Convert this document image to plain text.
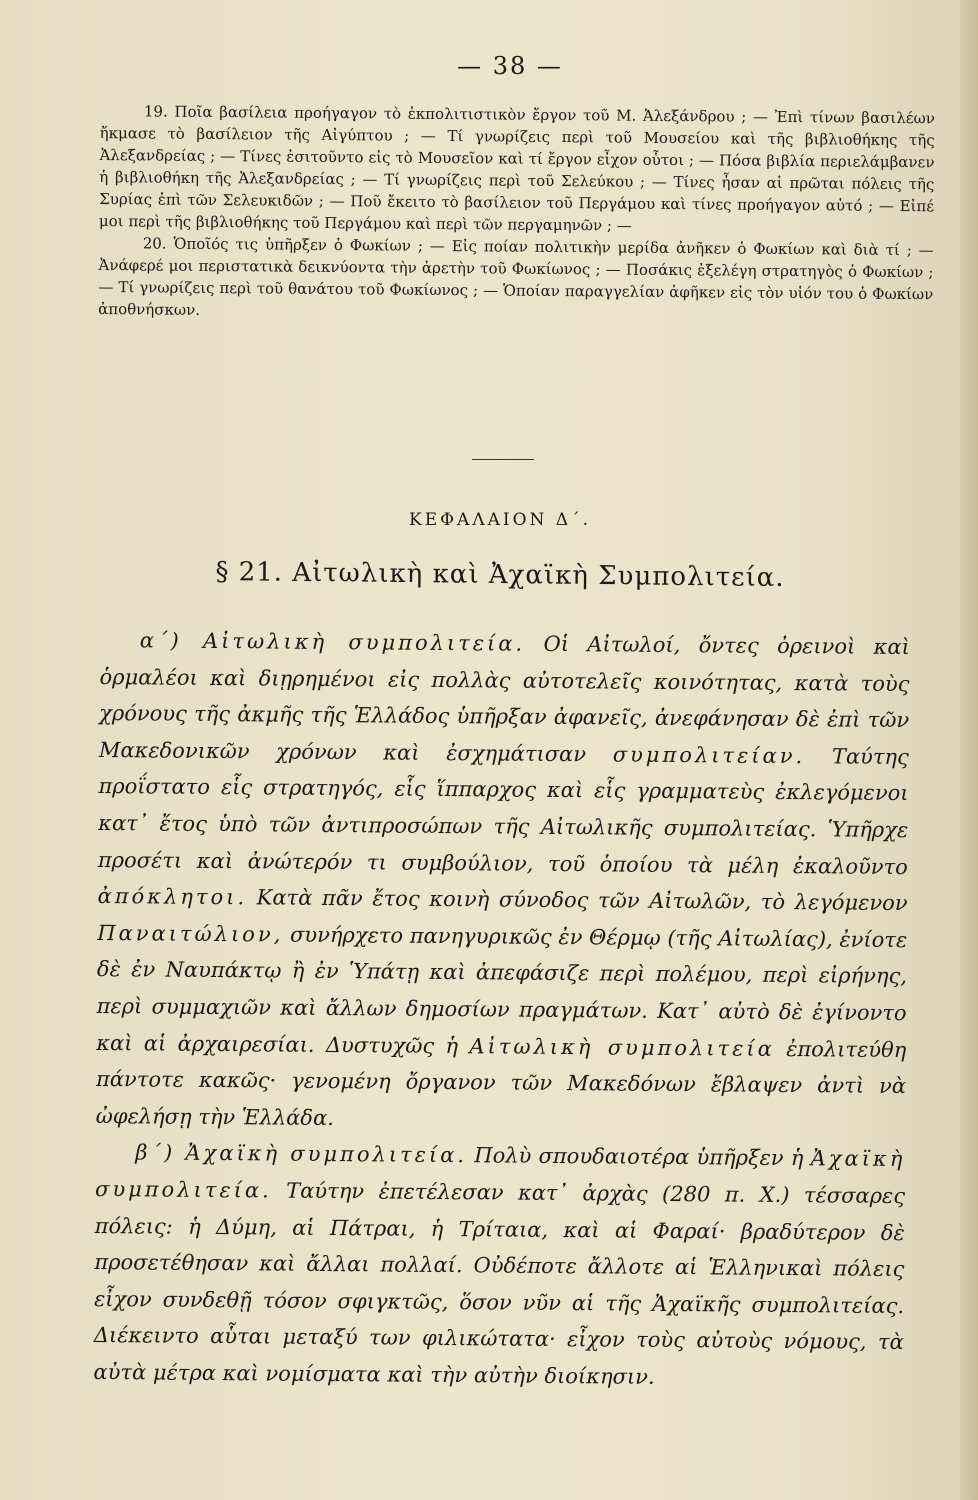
— 38 —

19. Ποῖα βασίλεια προήγαγον τὸ ἐκπολιτιστικὸν ἔργον τοῦ Μ. Ἀλεξάνδρου ; — Ἐπὶ τίνων βασιλέων ἤκμασε τὸ βασίλειον τῆς Αἰγύπτου ; — Τί γνωρίζεις περὶ τοῦ Μουσείου καὶ τῆς βιβλιοθήκης τῆς Ἀλεξανδρείας ; — Τίνες ἐσιτοῦντο εἰς τὸ Μουσεῖον καὶ τί ἔργον εἶχον οὗτοι ; — Πόσα βιβλία περιελάμβανεν ἡ βιβλιοθήκη τῆς Ἀλεξανδρείας ; — Τί γνωρίζεις περὶ τοῦ Σελεύκου ; — Τίνες ἦσαν αἱ πρῶται πόλεις τῆς Συρίας ἐπὶ τῶν Σελευκιδῶν ; — Ποῦ ἔκειτο τὸ βασίλειον τοῦ Περγάμου καὶ τίνες προήγαγον αὐτό ; — Εἰπέ μοι περὶ τῆς βιβλιοθήκης τοῦ Περγάμου καὶ περὶ τῶν περγαμηνῶν ; —

20. Ὁποῖός τις ὑπῆρξεν ὁ Φωκίων ; — Εἰς ποίαν πολιτικὴν μερίδα ἀνῆκεν ὁ Φωκίων καὶ διὰ τί ; — Ἀνάφερέ μοι περιστατικὰ δεικνύοντα τὴν ἀρετὴν τοῦ Φωκίωνος ; — Ποσάκις ἐξελέγη στρατηγὸς ὁ Φωκίων ; — Τί γνωρίζεις περὶ τοῦ θανάτου τοῦ Φωκίωνος ; — Ὁποίαν παραγγελίαν ἀφῆκεν εἰς τὸν υἱόν του ὁ Φωκίων ἀποθνήσκων.

ΚΕΦΑΛΑΙΟΝ Δ΄.
§ 21. Αἰτωλικὴ καὶ Ἀχαϊκὴ Συμπολιτεία.

α΄) Αἰτωλικὴ συμπολιτεία. Οἱ Αἰτωλοί, ὄντες ὀρεινοὶ καὶ ὁρμαλέοι καὶ διῃρημένοι εἰς πολλὰς αὐτοτελεῖς κοινότητας, κατὰ τοὺς χρόνους τῆς ἀκμῆς τῆς Ἑλλάδος ὑπῆρξαν ἀφανεῖς, ἀνεφάνησαν δὲ ἐπὶ τῶν Μακεδονικῶν χρόνων καὶ ἐσχημάτισαν συμπολιτείαν. Ταύτης προΐστατο εἷς στρατηγός, εἷς ἵππαρχος καὶ εἷς γραμματεὺς ἐκλεγόμενοι κατ᾽ ἔτος ὑπὸ τῶν ἀντιπροσώπων τῆς Αἰτωλικῆς συμπολιτείας. Ὑπῆρχε προσέτι καὶ ἀνώτερόν τι συμβούλιον, τοῦ ὁποίου τὰ μέλη ἐκαλοῦντο ἀπόκλητοι. Κατὰ πᾶν ἔτος κοινὴ σύνοδος τῶν Αἰτωλῶν, τὸ λεγόμενον Παναιτώλιον, συνήρχετο πανηγυρικῶς ἐν Θέρμῳ (τῆς Αἰτωλίας), ἐνίοτε δὲ ἐν Ναυπάκτῳ ἢ ἐν Ὑπάτῃ καὶ ἀπεφάσιζε περὶ πολέμου, περὶ εἰρήνης, περὶ συμμαχιῶν καὶ ἄλλων δημοσίων πραγμάτων. Κατ᾽ αὐτὸ δὲ ἐγίνοντο καὶ αἱ ἀρχαιρεσίαι. Δυστυχῶς ἡ Αἰτωλικὴ συμπολιτεία ἐπολιτεύθη πάντοτε κακῶς· γενομένη ὄργανον τῶν Μακεδόνων ἔβλαψεν ἀντὶ νὰ ὠφελήσῃ τὴν Ἑλλάδα.

β΄) Ἀχαϊκὴ συμπολιτεία. Πολὺ σπουδαιοτέρα ὑπῆρξεν ἡ Ἀχαϊκὴ συμπολιτεία. Ταύτην ἐπετέλεσαν κατ᾽ ἀρχὰς (280 π. Χ.) τέσσαρες πόλεις: ἡ Δύμη, αἱ Πάτραι, ἡ Τρίταια, καὶ αἱ Φαραί· βραδύτερον δὲ προσετέθησαν καὶ ἄλλαι πολλαί. Οὐδέποτε ἄλλοτε αἱ Ἑλληνικαὶ πόλεις εἶχον συνδεθῇ τόσον σφιγκτῶς, ὅσον νῦν αἱ τῆς Ἀχαϊκῆς συμπολιτείας. Διέκειντο αὗται μεταξύ των φιλικώτατα· εἶχον τοὺς αὐτοὺς νόμους, τὰ αὐτὰ μέτρα καὶ νομίσματα καὶ τὴν αὐτὴν διοίκησιν.
